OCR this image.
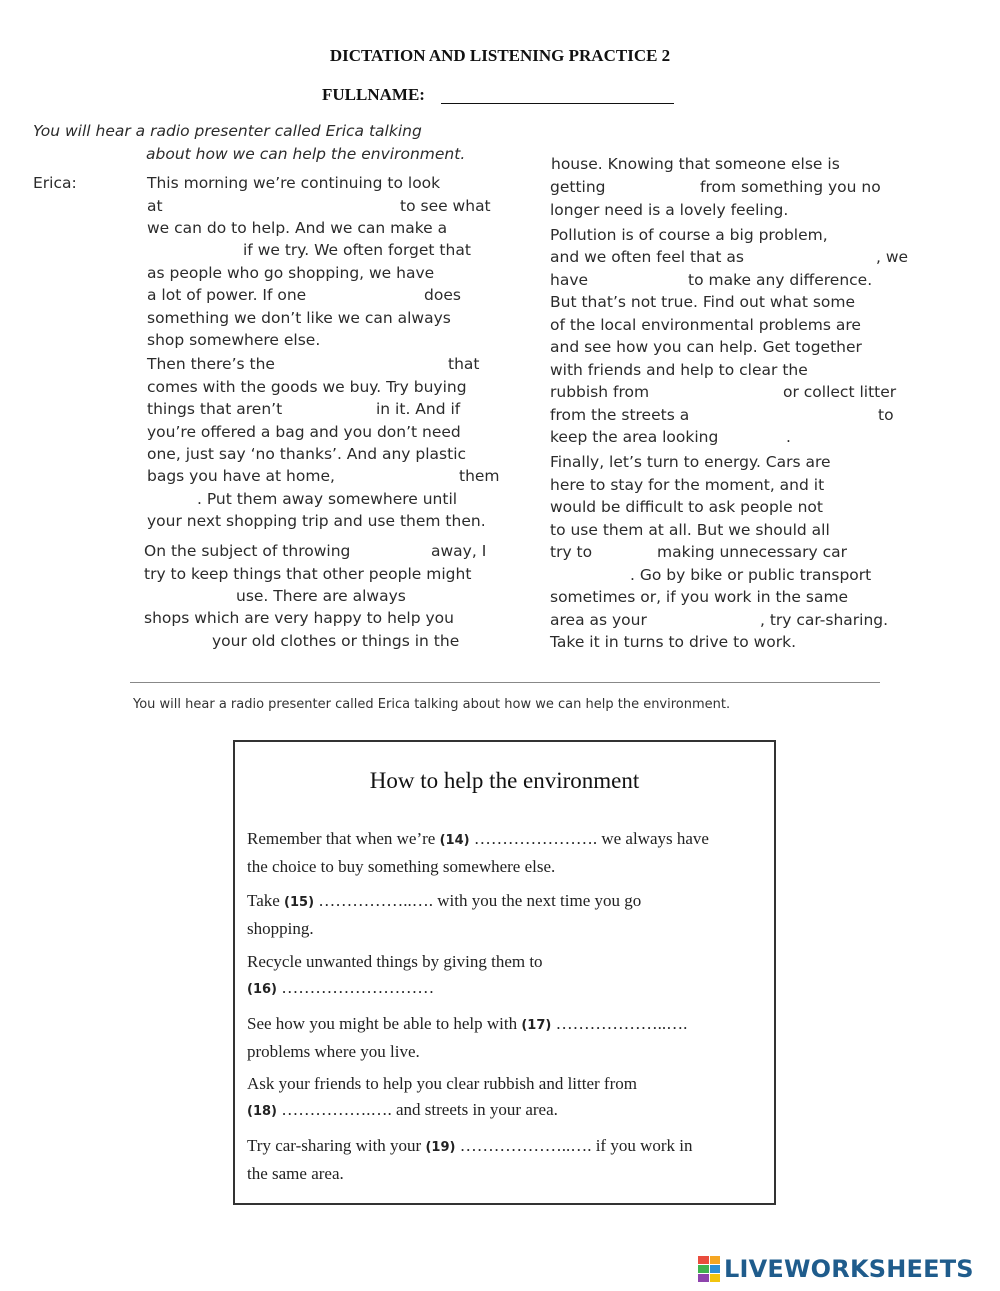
DICTATION AND LISTENING PRACTICE 2
FULLNAME:
You will hear a radio presenter called Erica talking
about how we can help the environment.
Erica:	This morning we’re continuing to look
at	to see what
we can do to help. And we can make a
if we try. We often forget that
as people who go shopping, we have
a lot of power. If one	does
something we don’t like we can always
shop somewhere else.
Then there’s the	that
comes with the goods we buy. Try buying
things that aren’t	in it. And if
you’re offered a bag and you don’t need
one, just say ‘no thanks’. And any plastic
bags you have at home,	them
. Put them away somewhere until
your next shopping trip and use them then.
On the subject of throwing	away, I
try to keep things that other people might
use. There are always
shops which are very happy to help you
your old clothes or things in the
house. Knowing that someone else is
getting	from something you no
longer need is a lovely feeling.
Pollution is of course a big problem,
and we often feel that as	, we
have	to make any difference.
But that’s not true. Find out what some
of the local environmental problems are
and see how you can help. Get together
with friends and help to clear the
rubbish from	or collect litter
from the streets a	to
keep the area looking	.
Finally, let’s turn to energy. Cars are
here to stay for the moment, and it
would be difficult to ask people not
to use them at all. But we should all
try to	making unnecessary car
. Go by bike or public transport
sometimes or, if you work in the same
area as your	, try car-sharing.
Take it in turns to drive to work.
You will hear a radio presenter called Erica talking about how we can help the environment.
How to help the environment
Remember that when we’re (14) …………………. we always have
the choice to buy something somewhere else.
Take (15) ……………..…. with you the next time you go
shopping.
Recycle unwanted things by giving them to
(16) ………………………
See how you might be able to help with (17) ………………..….
problems where you live.
Ask your friends to help you clear rubbish and litter from
(18) …………….…. and streets in your area.
Try car-sharing with your (19) ………………..…. if you work in
the same area.
LIVEWORKSHEETS
